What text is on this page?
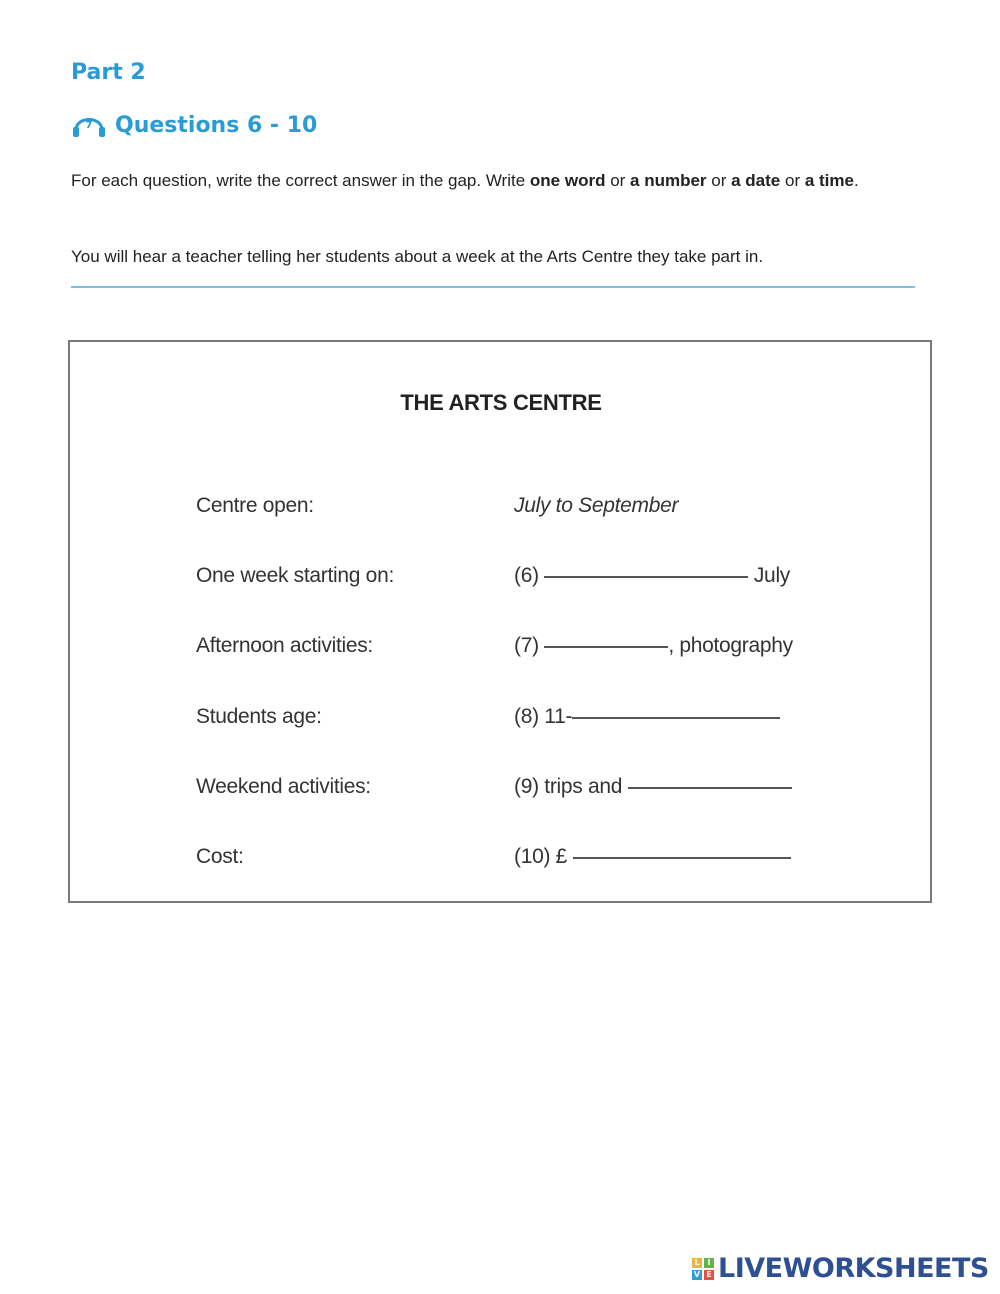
Part 2
7 Questions 6 - 10

For each question, write the correct answer in the gap. Write one word or a number or a date or a time.

You will hear a teacher telling her students about a week at the Arts Centre they take part in.

THE ARTS CENTRE
Centre open:	July to September
One week starting on:	(6)	July
Afternoon activities:	(7)	, photography
Students age:	(8) 11-
Weekend activities:	(9) trips and
Cost:	(10) £
L I
V E LIVEWORKSHEETS
